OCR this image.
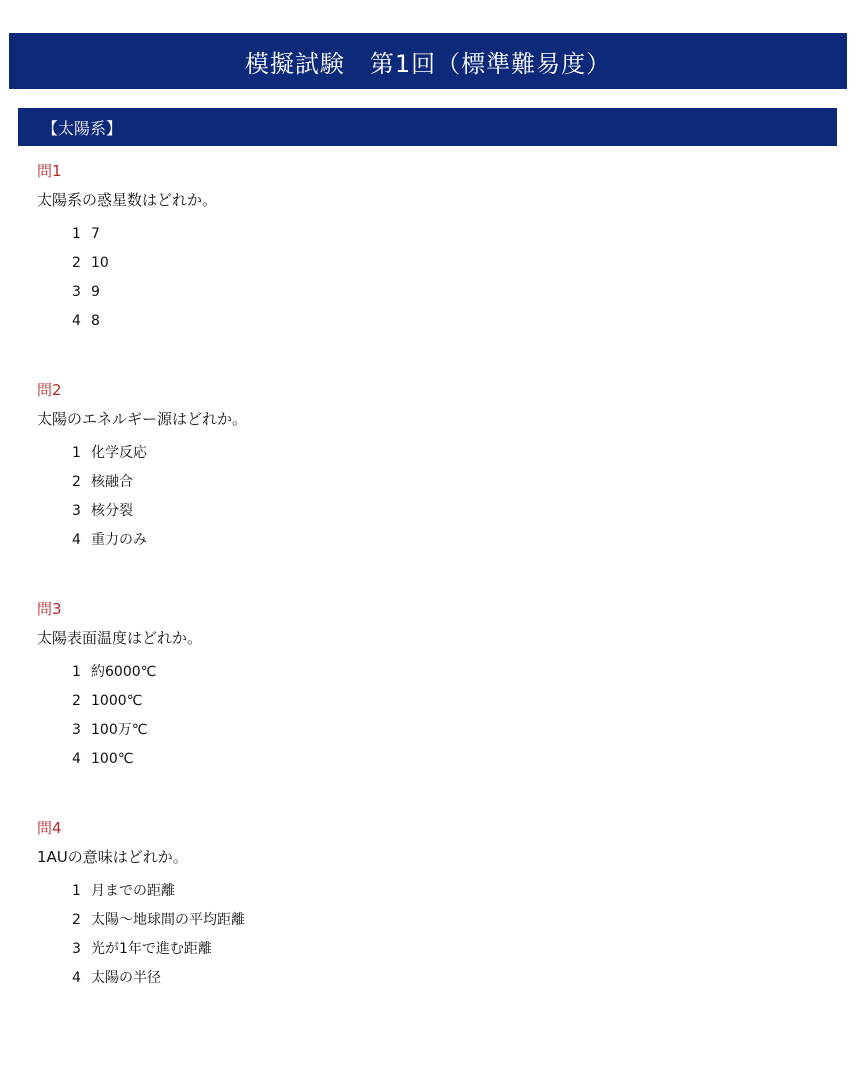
模擬試験　第1回（標準難易度）
【太陽系】
問1
太陽系の惑星数はどれか。
1 7
2 10
3 9
4 8
問2
太陽のエネルギー源はどれか。
1 化学反応
2 核融合
3 核分裂
4 重力のみ
問3
太陽表面温度はどれか。
1 約6000℃
2 1000℃
3 100万℃
4 100℃
問4
1AUの意味はどれか。
1 月までの距離
2 太陽〜地球間の平均距離
3 光が1年で進む距離
4 太陽の半径
